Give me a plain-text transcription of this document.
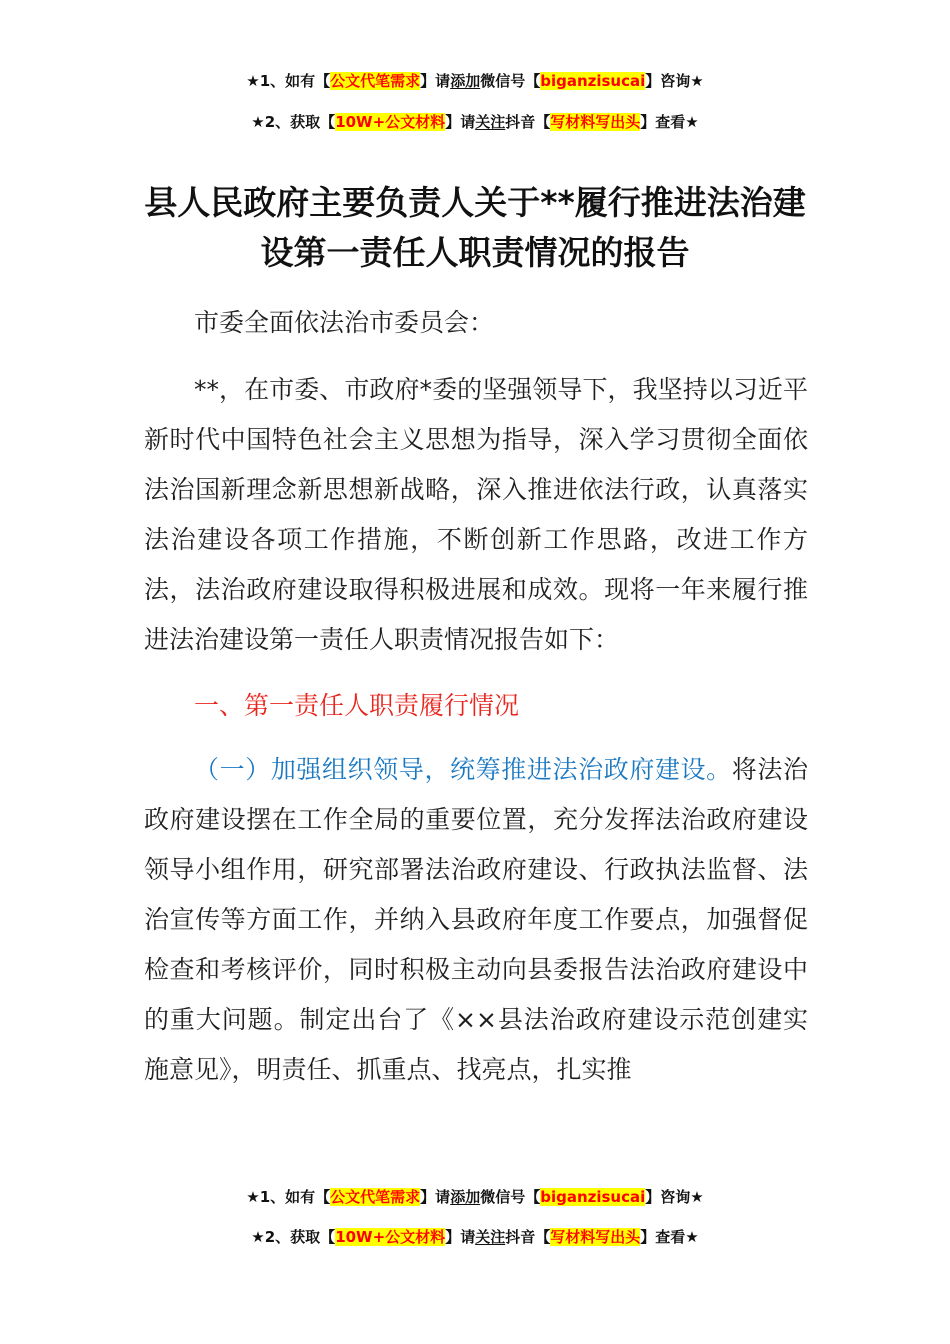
★1、如有【公文代笔需求】请添加微信号【biganzisucai】咨询★
★2、获取【10W+公文材料】请关注抖音【写材料写出头】查看★
县人民政府主要负责人关于**履行推进法治建设第一责任人职责情况的报告

市委全面依法治市委员会：

**，在市委、市政府*委的坚强领导下，我坚持以习近平新时代中国特色社会主义思想为指导，深入学习贯彻全面依法治国新理念新思想新战略，深入推进依法行政，认真落实法治建设各项工作措施，不断创新工作思路，改进工作方法，法治政府建设取得积极进展和成效。现将一年来履行推进法治建设第一责任人职责情况报告如下：

一、第一责任人职责履行情况

（一）加强组织领导，统筹推进法治政府建设。将法治政府建设摆在工作全局的重要位置，充分发挥法治政府建设领导小组作用，研究部署法治政府建设、行政执法监督、法治宣传等方面工作，并纳入县政府年度工作要点，加强督促检查和考核评价，同时积极主动向县委报告法治政府建设中的重大问题。制定出台了《××县法治政府建设示范创建实施意见》，明责任、抓重点、找亮点，扎实推

★1、如有【公文代笔需求】请添加微信号【biganzisucai】咨询★
★2、获取【10W+公文材料】请关注抖音【写材料写出头】查看★
